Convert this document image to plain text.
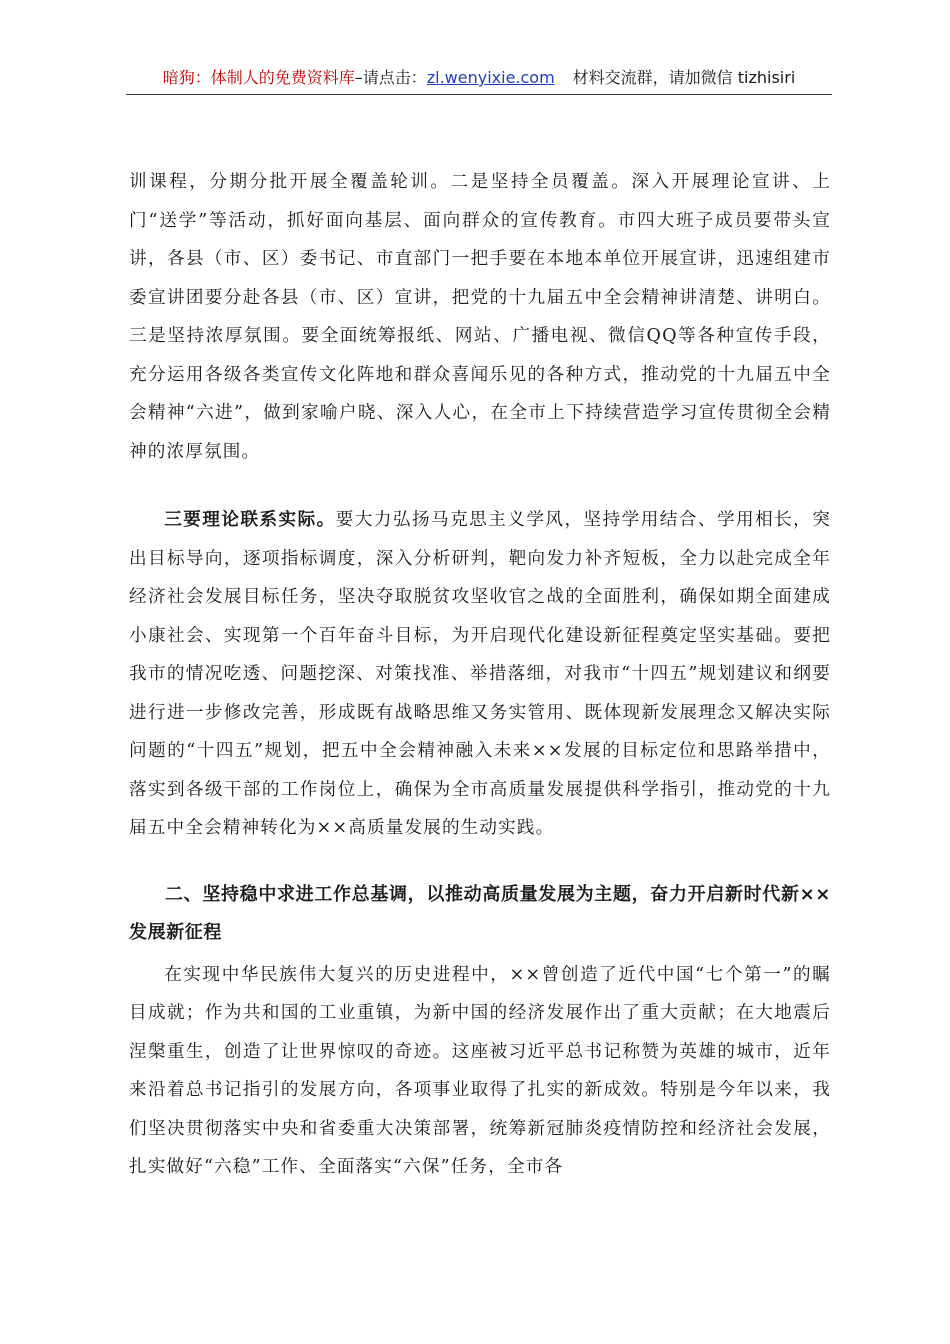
暗狗：体制人的免费资料库–请点击：zl.wenyixie.com 材料交流群，请加微信 tizhisiri

训课程，分期分批开展全覆盖轮训。二是坚持全员覆盖。深入开展理论宣讲、上门“送学”等活动，抓好面向基层、面向群众的宣传教育。市四大班子成员要带头宣讲，各县（市、区）委书记、市直部门一把手要在本地本单位开展宣讲，迅速组建市委宣讲团要分赴各县（市、区）宣讲，把党的十九届五中全会精神讲清楚、讲明白。三是坚持浓厚氛围。要全面统筹报纸、网站、广播电视、微信QQ等各种宣传手段，充分运用各级各类宣传文化阵地和群众喜闻乐见的各种方式，推动党的十九届五中全会精神“六进”，做到家喻户晓、深入人心，在全市上下持续营造学习宣传贯彻全会精神的浓厚氛围。

三要理论联系实际。要大力弘扬马克思主义学风，坚持学用结合、学用相长，突出目标导向，逐项指标调度，深入分析研判，靶向发力补齐短板，全力以赴完成全年经济社会发展目标任务，坚决夺取脱贫攻坚收官之战的全面胜利，确保如期全面建成小康社会、实现第一个百年奋斗目标，为开启现代化建设新征程奠定坚实基础。要把我市的情况吃透、问题挖深、对策找准、举措落细，对我市“十四五”规划建议和纲要进行进一步修改完善，形成既有战略思维又务实管用、既体现新发展理念又解决实际问题的“十四五”规划，把五中全会精神融入未来××发展的目标定位和思路举措中，落实到各级干部的工作岗位上，确保为全市高质量发展提供科学指引，推动党的十九届五中全会精神转化为××高质量发展的生动实践。

二、坚持稳中求进工作总基调，以推动高质量发展为主题，奋力开启新时代新××发展新征程

在实现中华民族伟大复兴的历史进程中，××曾创造了近代中国“七个第一”的瞩目成就；作为共和国的工业重镇，为新中国的经济发展作出了重大贡献；在大地震后涅槃重生，创造了让世界惊叹的奇迹。这座被习近平总书记称赞为英雄的城市，近年来沿着总书记指引的发展方向，各项事业取得了扎实的新成效。特别是今年以来，我们坚决贯彻落实中央和省委重大决策部署，统筹新冠肺炎疫情防控和经济社会发展，扎实做好“六稳”工作、全面落实“六保”任务，全市各
